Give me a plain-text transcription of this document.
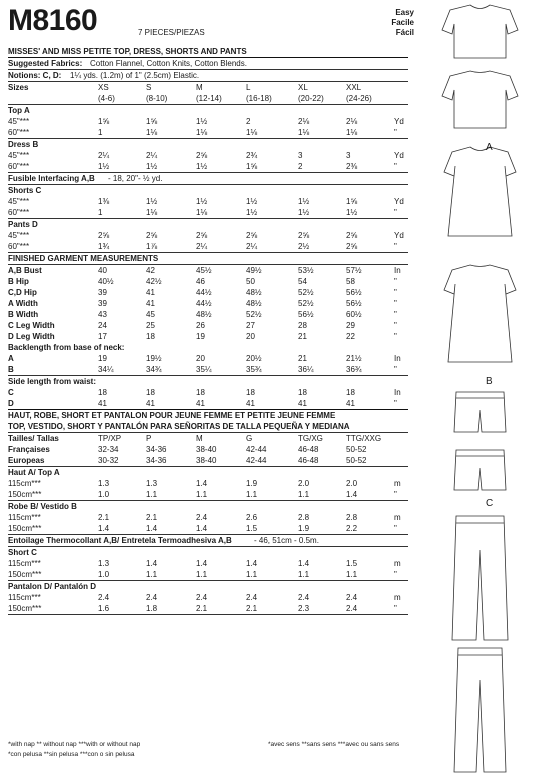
M8160	7 PIECES/PIEZAS
Easy
Facile
Fácil
MISSES' AND MISS PETITE TOP, DRESS, SHORTS AND PANTS
Suggested Fabrics: Cotton Flannel, Cotton Knits, Cotton Blends.
Notions: C, D: 1¼ yds. (1.2m) of 1" (2.5cm) Elastic.
Sizes	XS	S	M	L	XL	XXL
(4-6)	(8-10)	(12-14)	(16-18)	(20-22)	(24-26)
Top A
45"***	1⅝	1⅝	1½	2	2⅛	2⅛	Yd
60"***	1	1⅛	1⅛	1⅛	1⅛	1⅛	"
Dress B
45"***	2¼	2¼	2⅝	2¾	3	3	Yd
60"***	1½	1½	1½	1⅝	2	2⅜	"
Fusible Interfacing A,B - 18, 20"- ½ yd.
Shorts C
45"***	1⅜	1½	1½	1½	1½	1⅝	Yd
60"***	1	1⅛	1⅛	1½	1½	1½	"
Pants D
45"***	2⅝	2⅝	2⅝	2⅝	2⅝	2⅝	Yd
60"***	1¾	1⅞	2¼	2¼	2½	2⅝	"
FINISHED GARMENT MEASUREMENTS
A,B Bust	40	42	45½	49½	53½	57½	In
B Hip	40½	42½	46	50	54	58	"
C,D Hip	39	41	44½	48½	52½	56½	"
A Width	39	41	44½	48½	52½	56½	"
B Width	43	45	48½	52½	56½	60½	"
C Leg Width	24	25	26	27	28	29	"
D Leg Width	17	18	19	20	21	22	"
Backlength from base of neck:
A	19	19½	20	20½	21	21½	In
B	34¼	34¾	35¼	35¾	36¼	36¾	"
Side length from waist:
C	18	18	18	18	18	18	In
D	41	41	41	41	41	41	"
HAUT, ROBE, SHORT ET PANTALON POUR JEUNE FEMME ET PETITE JEUNE FEMME
TOP, VESTIDO, SHORT Y PANTALÓN PARA SEÑORITAS DE TALLA PEQUEÑA Y MEDIANA
Tailles/ Tallas	TP/XP	P	M	G	TG/XG	TTG/XXG
Françaises	32-34	34-36	38-40	42-44	46-48	50-52
Europeas	30-32	34-36	38-40	42-44	46-48	50-52
Haut A/ Top A
115cm***	1.3	1.3	1.4	1.9	2.0	2.0	m
150cm***	1.0	1.1	1.1	1.1	1.1	1.4	"
Robe B/ Vestido B
115cm***	2.1	2.1	2.4	2.6	2.8	2.8	m
150cm***	1.4	1.4	1.4	1.5	1.9	2.2	"
Entoilage Thermocollant A,B/ Entretela Termoadhesiva A,B	- 46, 51cm - 0.5m.
Short C
115cm***	1.3	1.4	1.4	1.4	1.4	1.5	m
150cm***	1.0	1.1	1.1	1.1	1.1	1.1	"
Pantalon D/ Pantalón D
115cm***	2.4	2.4	2.4	2.4	2.4	2.4	m
150cm***	1.6	1.8	2.1	2.1	2.3	2.4	"
*with nap ** without nap ***with or without nap
*con pelusa **sin pelusa ***con o sin pelusa
*avec sens **sans sens ***avec ou sans sens
A
B
C
